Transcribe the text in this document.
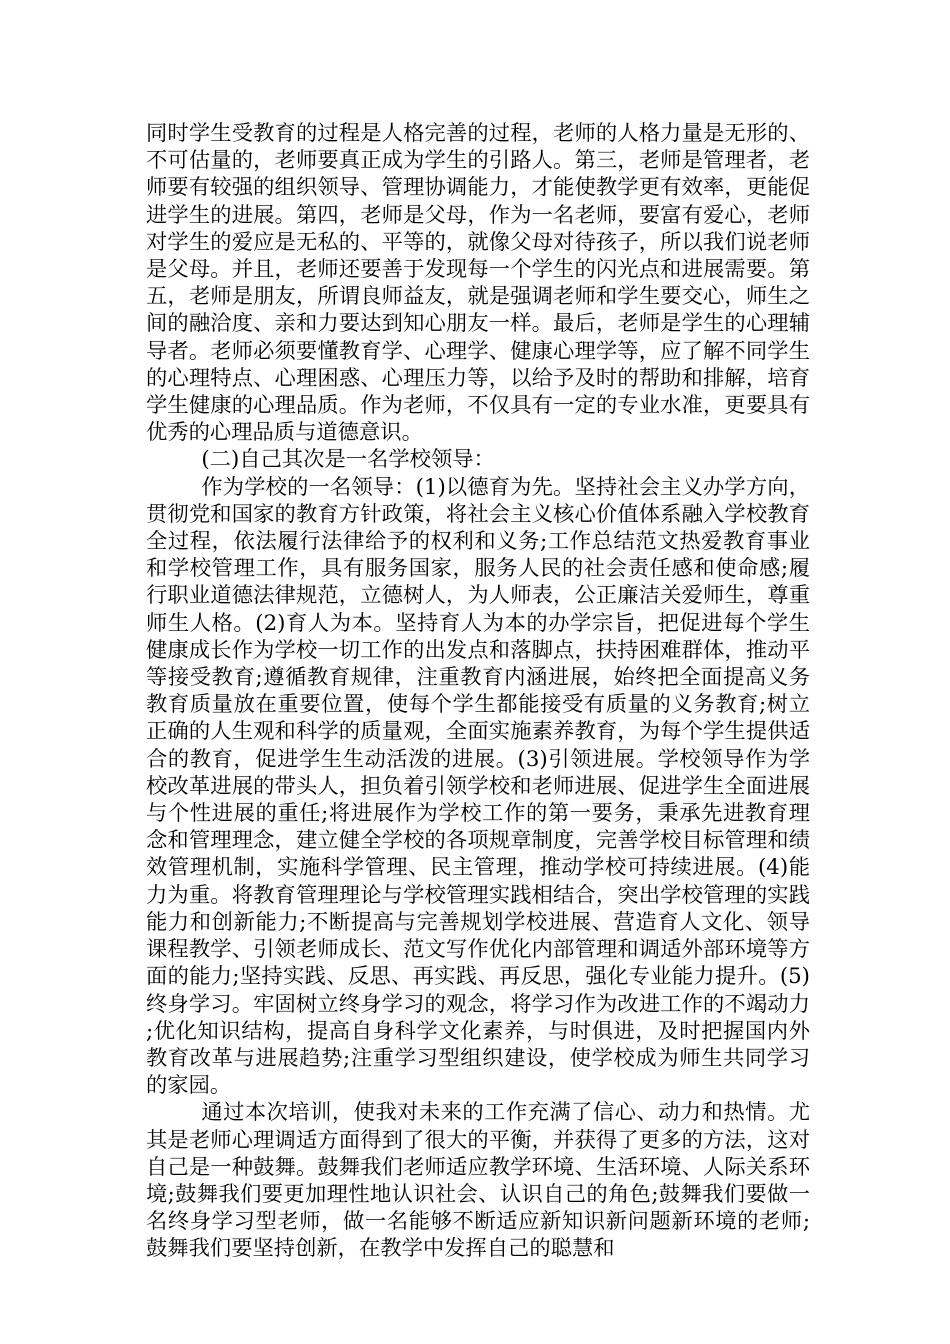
同时学生受教育的过程是人格完善的过程，老师的人格力量是无形的、不可估量的，老师要真正成为学生的引路人。第三，老师是管理者，老师要有较强的组织领导、管理协调能力，才能使教学更有效率，更能促进学生的进展。第四，老师是父母，作为一名老师，要富有爱心，老师对学生的爱应是无私的、平等的，就像父母对待孩子，所以我们说老师是父母。并且，老师还要善于发现每一个学生的闪光点和进展需要。第五，老师是朋友，所谓良师益友，就是强调老师和学生要交心，师生之间的融洽度、亲和力要达到知心朋友一样。最后，老师是学生的心理辅导者。老师必须要懂教育学、心理学、健康心理学等，应了解不同学生的心理特点、心理困惑、心理压力等，以给予及时的帮助和排解，培育学生健康的心理品质。作为老师，不仅具有一定的专业水准，更要具有优秀的心理品质与道德意识。

(二)自己其次是一名学校领导：

作为学校的一名领导：(1)以德育为先。坚持社会主义办学方向，贯彻党和国家的教育方针政策，将社会主义核心价值体系融入学校教育全过程，依法履行法律给予的权利和义务;工作总结范文热爱教育事业和学校管理工作，具有服务国家，服务人民的社会责任感和使命感;履行职业道德法律规范，立德树人，为人师表，公正廉洁关爱师生，尊重师生人格。(2)育人为本。坚持育人为本的办学宗旨，把促进每个学生健康成长作为学校一切工作的出发点和落脚点，扶持困难群体，推动平等接受教育;遵循教育规律，注重教育内涵进展，始终把全面提高义务教育质量放在重要位置，使每个学生都能接受有质量的义务教育;树立正确的人生观和科学的质量观，全面实施素养教育，为每个学生提供适合的教育，促进学生生动活泼的进展。(3)引领进展。学校领导作为学校改革进展的带头人，担负着引领学校和老师进展、促进学生全面进展与个性进展的重任;将进展作为学校工作的第一要务，秉承先进教育理念和管理理念，建立健全学校的各项规章制度，完善学校目标管理和绩效管理机制，实施科学管理、民主管理，推动学校可持续进展。(4)能力为重。将教育管理理论与学校管理实践相结合，突出学校管理的实践能力和创新能力;不断提高与完善规划学校进展、营造育人文化、领导课程教学、引领老师成长、范文写作优化内部管理和调适外部环境等方面的能力;坚持实践、反思、再实践、再反思，强化专业能力提升。(5)终身学习。牢固树立终身学习的观念，将学习作为改进工作的不竭动力;优化知识结构，提高自身科学文化素养，与时俱进，及时把握国内外教育改革与进展趋势;注重学习型组织建设，使学校成为师生共同学习的家园。

通过本次培训，使我对未来的工作充满了信心、动力和热情。尤其是老师心理调适方面得到了很大的平衡，并获得了更多的方法，这对自己是一种鼓舞。鼓舞我们老师适应教学环境、生活环境、人际关系环境;鼓舞我们要更加理性地认识社会、认识自己的角色;鼓舞我们要做一名终身学习型老师，做一名能够不断适应新知识新问题新环境的老师;鼓舞我们要坚持创新，在教学中发挥自己的聪慧和
